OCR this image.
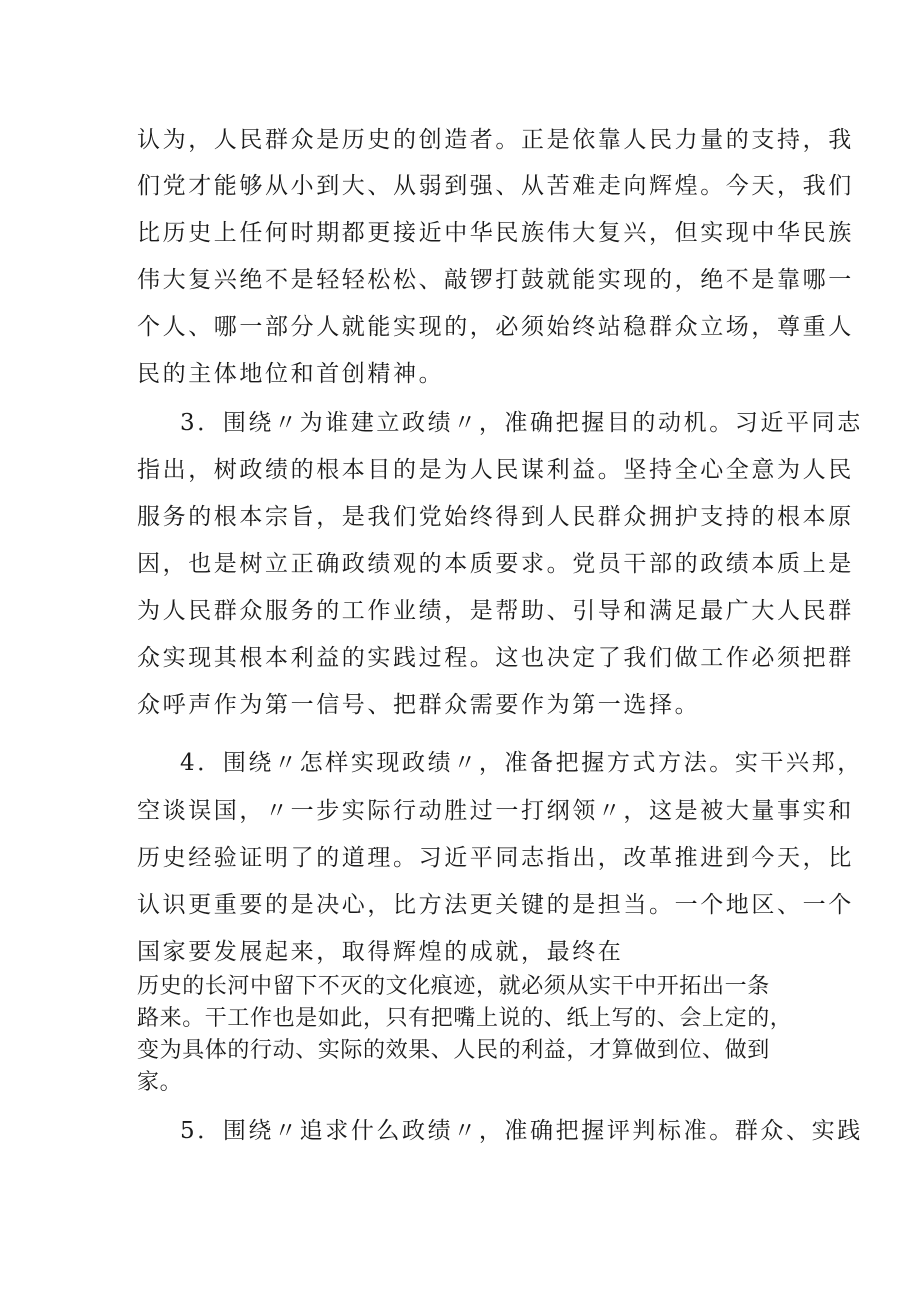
认为，人民群众是历史的创造者。正是依靠人民力量的支持，我
们党才能够从小到大、从弱到强、从苦难走向辉煌。今天，我们
比历史上任何时期都更接近中华民族伟大复兴，但实现中华民族
伟大复兴绝不是轻轻松松、敲锣打鼓就能实现的，绝不是靠哪一
个人、哪一部分人就能实现的，必须始终站稳群众立场，尊重人
民的主体地位和首创精神。
3．围绕〃为谁建立政绩〃，准确把握目的动机。习近平同志
指出，树政绩的根本目的是为人民谋利益。坚持全心全意为人民
服务的根本宗旨，是我们党始终得到人民群众拥护支持的根本原
因，也是树立正确政绩观的本质要求。党员干部的政绩本质上是
为人民群众服务的工作业绩，是帮助、引导和满足最广大人民群
众实现其根本利益的实践过程。这也决定了我们做工作必须把群
众呼声作为第一信号、把群众需要作为第一选择。
4．围绕〃怎样实现政绩〃，准备把握方式方法。实干兴邦，
空谈误国，〃一步实际行动胜过一打纲领〃，这是被大量事实和
历史经验证明了的道理。习近平同志指出，改革推进到今天，比
认识更重要的是决心，比方法更关键的是担当。一个地区、一个
国家要发展起来，取得辉煌的成就，最终在
历史的长河中留下不灭的文化痕迹，就必须从实干中开拓出一条
路来。干工作也是如此，只有把嘴上说的、纸上写的、会上定的，
变为具体的行动、实际的效果、人民的利益，才算做到位、做到
家。
5．围绕〃追求什么政绩〃，准确把握评判标准。群众、实践
